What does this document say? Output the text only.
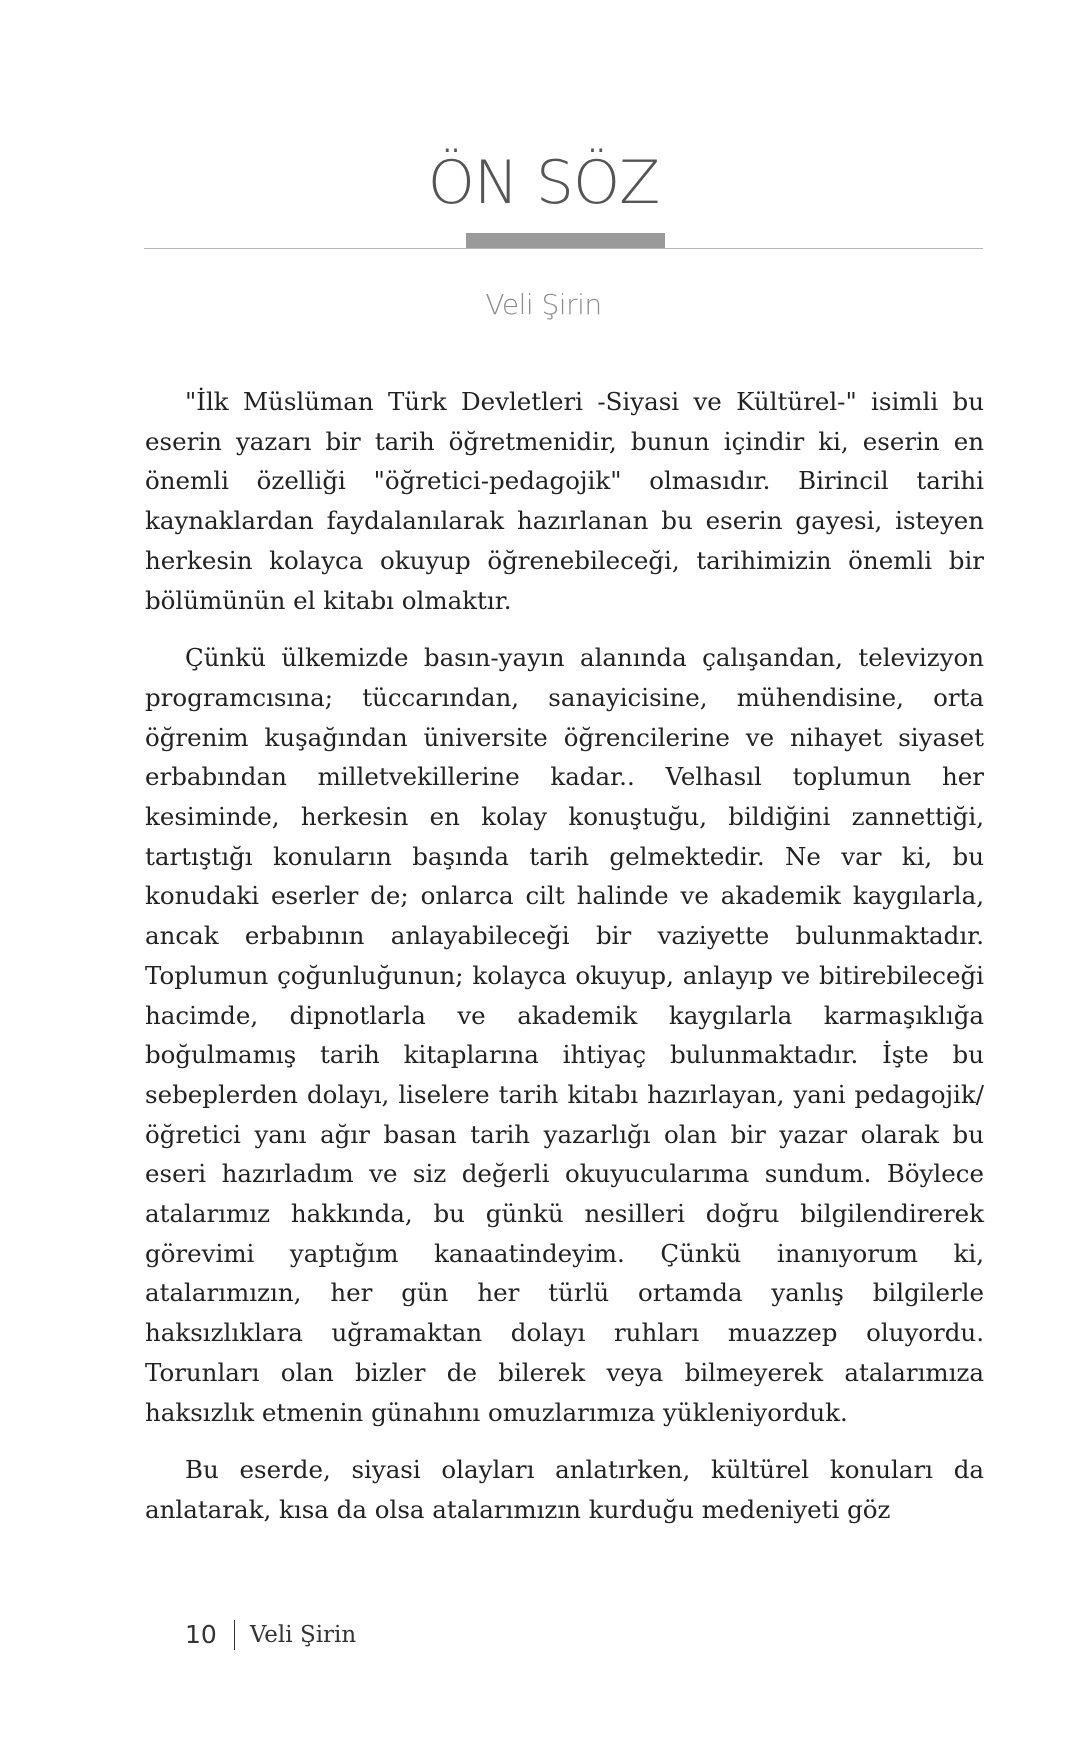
ÖN SÖZ
Veli Şirin

"İlk Müslüman Türk Devletleri -Siyasi ve Kültürel-" isimli bu eserin yazarı bir tarih öğretmenidir, bunun içindir ki, eserin en önemli özelliği "öğretici-pedagojik" olmasıdır. Birincil tarihi kaynaklardan faydalanılarak hazırlanan bu eserin gayesi, isteyen herkesin kolayca okuyup öğrenebileceği, tarihimizin önemli bir bölümünün el kitabı olmaktır.

Çünkü ülkemizde basın-yayın alanında çalışandan, televizyon programcısına; tüccarından, sanayicisine, mühendisine, orta öğrenim kuşağından üniversite öğrencilerine ve nihayet siyaset erbabından milletvekillerine kadar.. Velhasıl toplumun her kesiminde, herkesin en kolay konuştuğu, bildiğini zannettiği, tartıştığı konuların başında tarih gelmektedir. Ne var ki, bu konudaki eserler de; onlarca cilt halinde ve akademik kaygılarla, ancak erbabının anlayabileceği bir vaziyette bulunmaktadır. Toplumun çoğunluğunun; kolayca okuyup, anlayıp ve bitirebileceği hacimde, dipnotlarla ve akademik kaygılarla karmaşıklığa boğulmamış tarih kitaplarına ihtiyaç bulunmaktadır. İşte bu sebeplerden dolayı, liselere tarih kitabı hazırlayan, yani pedagojik/öğretici yanı ağır basan tarih yazarlığı olan bir yazar olarak bu eseri hazırladım ve siz değerli okuyucularıma sundum. Böylece atalarımız hakkında, bu günkü nesilleri doğru bilgilendirerek görevimi yaptığım kanaatindeyim. Çünkü inanıyorum ki, atalarımızın, her gün her türlü ortamda yanlış bilgilerle haksızlıklara uğramaktan dolayı ruhları muazzep oluyordu. Torunları olan bizler de bilerek veya bilmeyerek atalarımıza haksızlık etmenin günahını omuzlarımıza yükleniyorduk.

Bu eserde, siyasi olayları anlatırken, kültürel konuları da anlatarak, kısa da olsa atalarımızın kurduğu medeniyeti göz

10 Veli Şirin
